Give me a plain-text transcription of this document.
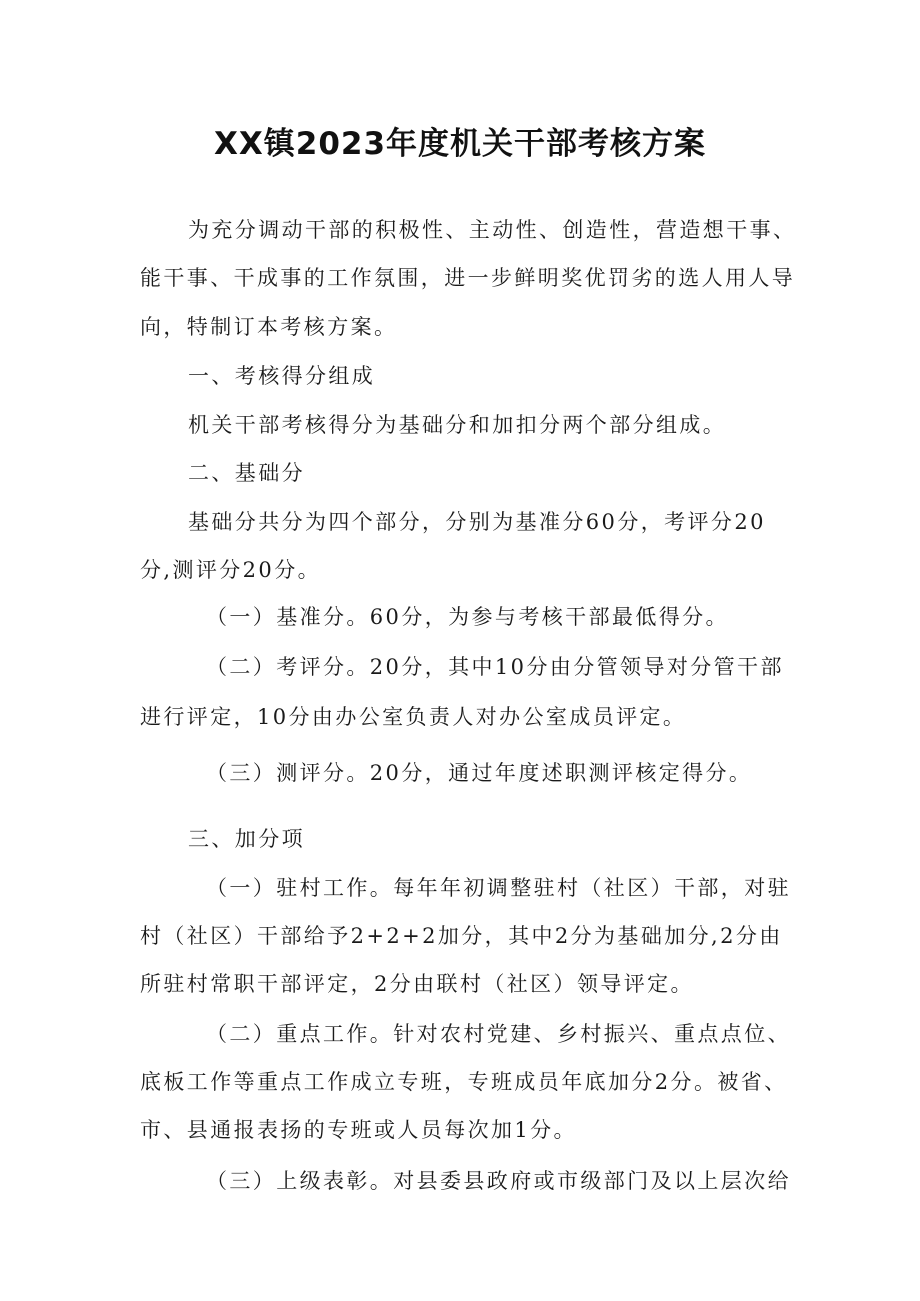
XX镇2023年度机关干部考核方案

为充分调动干部的积极性、主动性、创造性，营造想干事、

能干事、干成事的工作氛围，进一步鲜明奖优罚劣的选人用人导

向，特制订本考核方案。

一、考核得分组成

机关干部考核得分为基础分和加扣分两个部分组成。

二、基础分

基础分共分为四个部分，分别为基准分60分，考评分20

分,测评分20分。

（一）基准分。60分，为参与考核干部最低得分。

（二）考评分。20分，其中10分由分管领导对分管干部

进行评定，10分由办公室负责人对办公室成员评定。

（三）测评分。20分，通过年度述职测评核定得分。

三、加分项

（一）驻村工作。每年年初调整驻村（社区）干部，对驻

村（社区）干部给予2+2+2加分，其中2分为基础加分,2分由

所驻村常职干部评定，2分由联村（社区）领导评定。

（二）重点工作。针对农村党建、乡村振兴、重点点位、

底板工作等重点工作成立专班，专班成员年底加分2分。被省、

市、县通报表扬的专班或人员每次加1分。

（三）上级表彰。对县委县政府或市级部门及以上层次给
